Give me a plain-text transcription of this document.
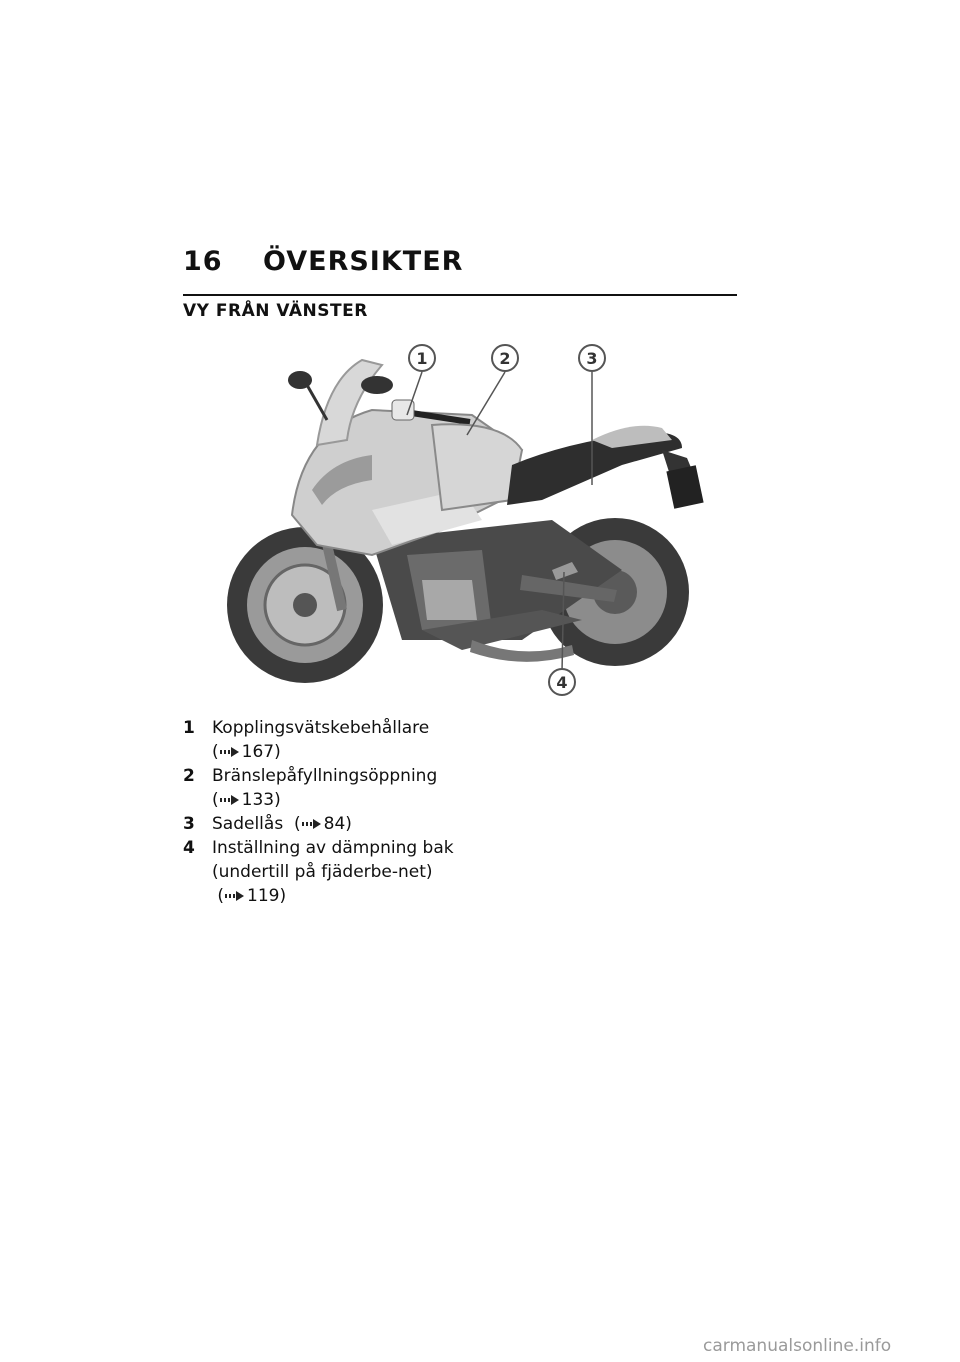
16 ÖVERSIKTER
VY FRÅN VÄNSTER
1	2	3
4
1	Kopplingsvätskebehållare
( 167)
2	Bränslepåfyllningsöppning
( 133)
3	Sadellås ( 84)
4	Inställning av dämpning bak (undertill på fjäderbe-net)  ( 119)
carmanualsonline.info
